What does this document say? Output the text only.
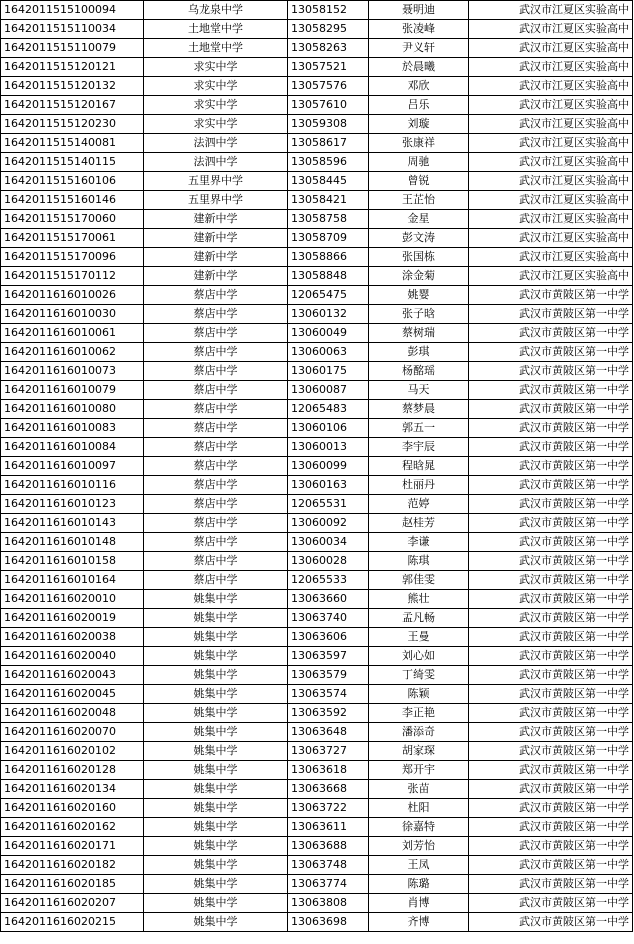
1642011515100094	乌龙泉中学	13058152	聂明迪	武汉市江夏区实验高中
1642011515110034	土地堂中学	13058295	张凌峰	武汉市江夏区实验高中
1642011515110079	土地堂中学	13058263	尹义轩	武汉市江夏区实验高中
1642011515120121	求实中学	13057521	於晨曦	武汉市江夏区实验高中
1642011515120132	求实中学	13057576	邓欣	武汉市江夏区实验高中
1642011515120167	求实中学	13057610	吕乐	武汉市江夏区实验高中
1642011515120230	求实中学	13059308	刘璇	武汉市江夏区实验高中
1642011515140081	法泗中学	13058617	张康祥	武汉市江夏区实验高中
1642011515140115	法泗中学	13058596	周驰	武汉市江夏区实验高中
1642011515160106	五里界中学	13058445	曾锐	武汉市江夏区实验高中
1642011515160146	五里界中学	13058421	王芷怡	武汉市江夏区实验高中
1642011515170060	建新中学	13058758	金星	武汉市江夏区实验高中
1642011515170061	建新中学	13058709	彭文涛	武汉市江夏区实验高中
1642011515170096	建新中学	13058866	张国栋	武汉市江夏区实验高中
1642011515170112	建新中学	13058848	涂金菊	武汉市江夏区实验高中
1642011616010026	蔡店中学	12065475	姚婴	武汉市黄陂区第一中学
1642011616010030	蔡店中学	13060132	张子晗	武汉市黄陂区第一中学
1642011616010061	蔡店中学	13060049	蔡树瑞	武汉市黄陂区第一中学
1642011616010062	蔡店中学	13060063	彭琪	武汉市黄陂区第一中学
1642011616010073	蔡店中学	13060175	杨酩瑶	武汉市黄陂区第一中学
1642011616010079	蔡店中学	13060087	马天	武汉市黄陂区第一中学
1642011616010080	蔡店中学	12065483	蔡梦晨	武汉市黄陂区第一中学
1642011616010083	蔡店中学	13060106	郭五一	武汉市黄陂区第一中学
1642011616010084	蔡店中学	13060013	李宇辰	武汉市黄陂区第一中学
1642011616010097	蔡店中学	13060099	程晗晁	武汉市黄陂区第一中学
1642011616010116	蔡店中学	13060163	杜丽丹	武汉市黄陂区第一中学
1642011616010123	蔡店中学	12065531	范婷	武汉市黄陂区第一中学
1642011616010143	蔡店中学	13060092	赵桂芳	武汉市黄陂区第一中学
1642011616010148	蔡店中学	13060034	李谦	武汉市黄陂区第一中学
1642011616010158	蔡店中学	13060028	陈琪	武汉市黄陂区第一中学
1642011616010164	蔡店中学	12065533	郭佳雯	武汉市黄陂区第一中学
1642011616020010	姚集中学	13063660	熊壮	武汉市黄陂区第一中学
1642011616020019	姚集中学	13063740	孟凡畅	武汉市黄陂区第一中学
1642011616020038	姚集中学	13063606	王曼	武汉市黄陂区第一中学
1642011616020040	姚集中学	13063597	刘心如	武汉市黄陂区第一中学
1642011616020043	姚集中学	13063579	丁绮雯	武汉市黄陂区第一中学
1642011616020045	姚集中学	13063574	陈颖	武汉市黄陂区第一中学
1642011616020048	姚集中学	13063592	李正艳	武汉市黄陂区第一中学
1642011616020070	姚集中学	13063648	潘添奇	武汉市黄陂区第一中学
1642011616020102	姚集中学	13063727	胡家琛	武汉市黄陂区第一中学
1642011616020128	姚集中学	13063618	郑开宇	武汉市黄陂区第一中学
1642011616020134	姚集中学	13063668	张苗	武汉市黄陂区第一中学
1642011616020160	姚集中学	13063722	杜阳	武汉市黄陂区第一中学
1642011616020162	姚集中学	13063611	徐嘉特	武汉市黄陂区第一中学
1642011616020171	姚集中学	13063688	刘芳怡	武汉市黄陂区第一中学
1642011616020182	姚集中学	13063748	王凤	武汉市黄陂区第一中学
1642011616020185	姚集中学	13063774	陈璐	武汉市黄陂区第一中学
1642011616020207	姚集中学	13063808	肖博	武汉市黄陂区第一中学
1642011616020215	姚集中学	13063698	齐博	武汉市黄陂区第一中学
